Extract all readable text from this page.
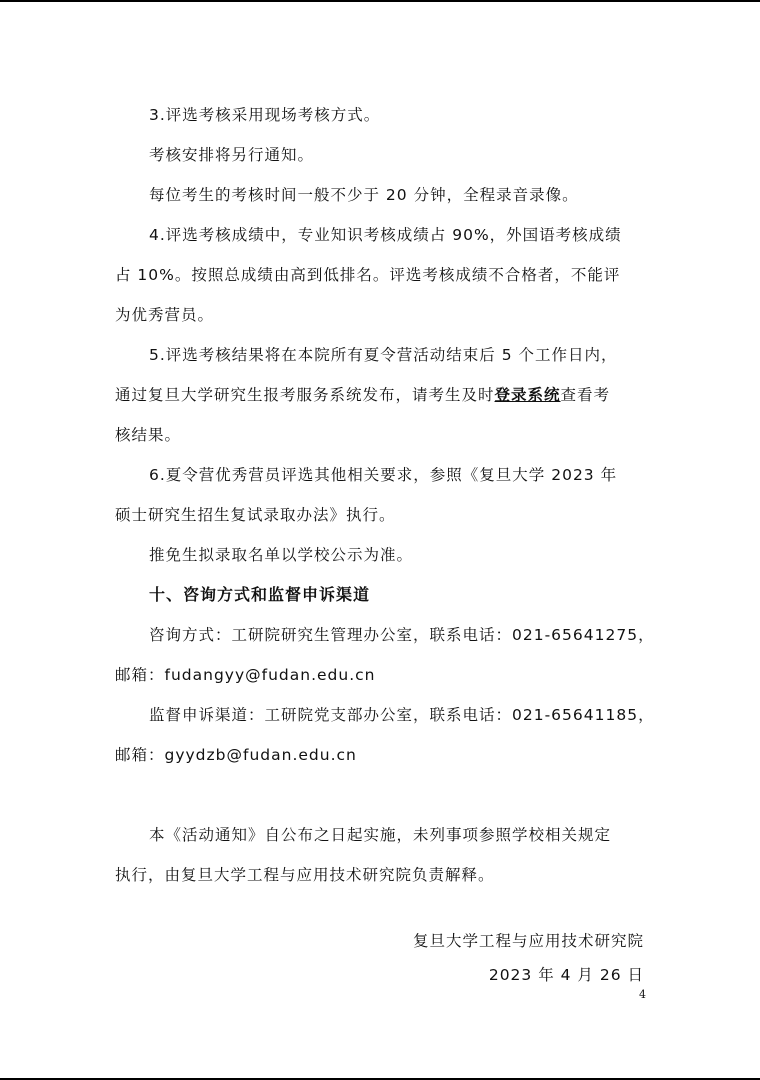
3.评选考核采用现场考核方式。
考核安排将另行通知。
每位考生的考核时间一般不少于 20 分钟，全程录音录像。
4.评选考核成绩中，专业知识考核成绩占 90%，外国语考核成绩
占 10%。按照总成绩由高到低排名。评选考核成绩不合格者，不能评
为优秀营员。
5.评选考核结果将在本院所有夏令营活动结束后 5 个工作日内，
通过复旦大学研究生报考服务系统发布，请考生及时登录系统查看考
核结果。
6.夏令营优秀营员评选其他相关要求，参照《复旦大学 2023 年
硕士研究生招生复试录取办法》执行。
推免生拟录取名单以学校公示为准。
十、咨询方式和监督申诉渠道
咨询方式：工研院研究生管理办公室，联系电话：021-65641275，
邮箱：fudangyy@fudan.edu.cn
监督申诉渠道：工研院党支部办公室，联系电话：021-65641185，
邮箱：gyydzb@fudan.edu.cn
本《活动通知》自公布之日起实施，未列事项参照学校相关规定
执行，由复旦大学工程与应用技术研究院负责解释。
复旦大学工程与应用技术研究院
2023 年 4 月 26 日
4
